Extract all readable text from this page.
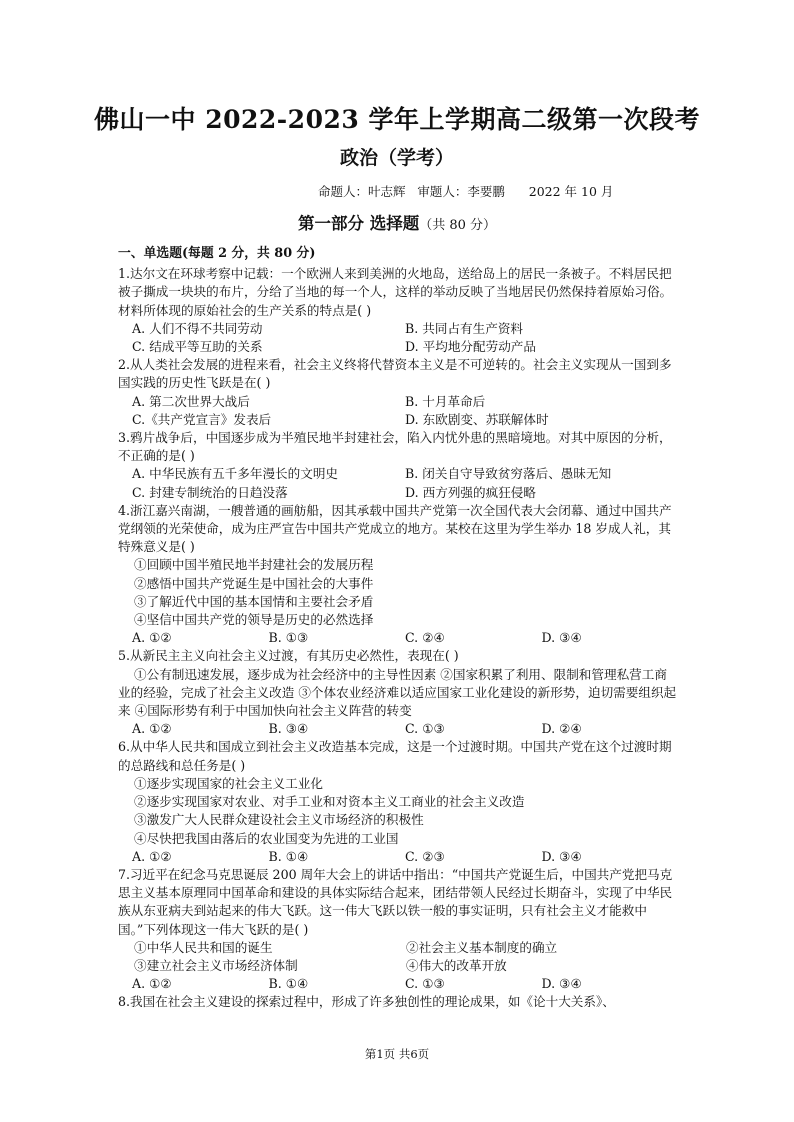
佛山一中 2022-2023 学年上学期高二级第一次段考
政治（学考）
命题人：叶志辉   审题人：李要鹏      2022 年 10 月
第一部分 选择题（共 80 分）
一、单选题(每题 2 分，共 80 分)
1.达尔文在环球考察中记载：一个欧洲人来到美洲的火地岛，送给岛上的居民一条被子。不料居民把被子撕成一块块的布片，分给了当地的每一个人，这样的举动反映了当地居民仍然保持着原始习俗。材料所体现的原始社会的生产关系的特点是( )
A. 人们不得不共同劳动	B. 共同占有生产资料
C. 结成平等互助的关系	D. 平均地分配劳动产品
2.从人类社会发展的进程来看，社会主义终将代替资本主义是不可逆转的。社会主义实现从一国到多国实践的历史性飞跃是在( )
A. 第二次世界大战后	B. 十月革命后
C.《共产党宣言》发表后	D. 东欧剧变、苏联解体时
3.鸦片战争后，中国逐步成为半殖民地半封建社会，陷入内忧外患的黑暗境地。对其中原因的分析，不正确的是( )
A. 中华民族有五千多年漫长的文明史	B. 闭关自守导致贫穷落后、愚昧无知
C. 封建专制统治的日趋没落	D. 西方列强的疯狂侵略
4.浙江嘉兴南湖，一艘普通的画舫船，因其承载中国共产党第一次全国代表大会闭幕、通过中国共产党纲领的光荣使命，成为庄严宣告中国共产党成立的地方。某校在这里为学生举办 18 岁成人礼，其特殊意义是( )
①回顾中国半殖民地半封建社会的发展历程
②感悟中国共产党诞生是中国社会的大事件
③了解近代中国的基本国情和主要社会矛盾
④坚信中国共产党的领导是历史的必然选择
A. ①②	B. ①③	C. ②④	D. ③④
5.从新民主主义向社会主义过渡，有其历史必然性，表现在( )
①公有制迅速发展，逐步成为社会经济中的主导性因素 ②国家积累了利用、限制和管理私营工商业的经验，完成了社会主义改造 ③个体农业经济难以适应国家工业化建设的新形势，迫切需要组织起来 ④国际形势有利于中国加快向社会主义阵营的转变
A. ①②	B. ③④	C. ①③	D. ②④
6.从中华人民共和国成立到社会主义改造基本完成，这是一个过渡时期。中国共产党在这个过渡时期的总路线和总任务是( )
①逐步实现国家的社会主义工业化
②逐步实现国家对农业、对手工业和对资本主义工商业的社会主义改造
③激发广大人民群众建设社会主义市场经济的积极性
④尽快把我国由落后的农业国变为先进的工业国
A. ①②	B. ①④	C. ②③	D. ③④
7.习近平在纪念马克思诞辰 200 周年大会上的讲话中指出：“中国共产党诞生后，中国共产党把马克思主义基本原理同中国革命和建设的具体实际结合起来，团结带领人民经过长期奋斗，实现了中华民族从东亚病夫到站起来的伟大飞跃。这一伟大飞跃以铁一般的事实证明，只有社会主义才能救中国。”下列体现这一伟大飞跃的是( )
①中华人民共和国的诞生	②社会主义基本制度的确立
③建立社会主义市场经济体制	④伟大的改革开放
A. ①②	B. ①④	C. ①③	D. ③④
8.我国在社会主义建设的探索过程中，形成了许多独创性的理论成果，如《论十大关系》、
第1页 共6页
